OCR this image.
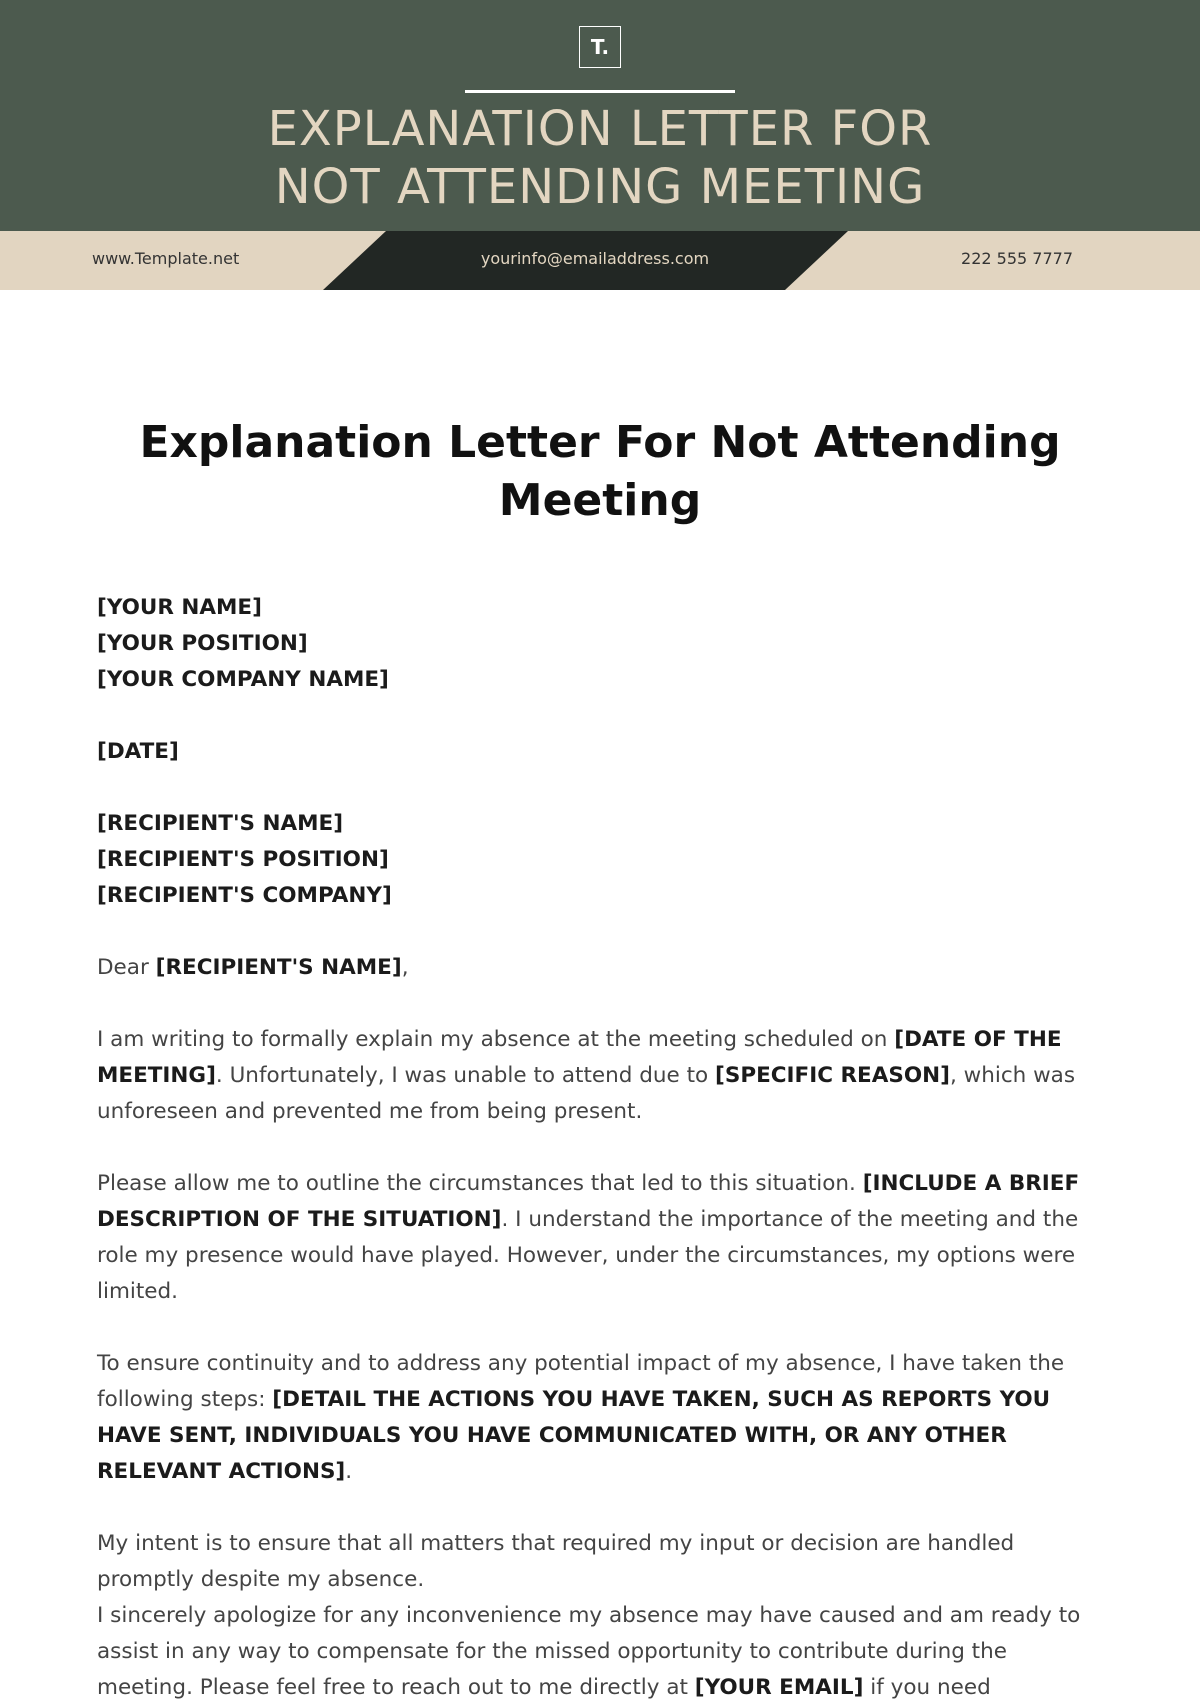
T.
EXPLANATION LETTER FOR
NOT ATTENDING MEETING
www.Template.net	yourinfo@emailaddress.com	222 555 7777
Explanation Letter For Not Attending
Meeting
[YOUR NAME]
[YOUR POSITION]
[YOUR COMPANY NAME]
[DATE]
[RECIPIENT'S NAME]
[RECIPIENT'S POSITION]
[RECIPIENT'S COMPANY]
Dear [RECIPIENT'S NAME],
I am writing to formally explain my absence at the meeting scheduled on [DATE OF THE MEETING]. Unfortunately, I was unable to attend due to [SPECIFIC REASON], which was unforeseen and prevented me from being present.
Please allow me to outline the circumstances that led to this situation. [INCLUDE A BRIEF DESCRIPTION OF THE SITUATION]. I understand the importance of the meeting and the role my presence would have played. However, under the circumstances, my options were limited.
To ensure continuity and to address any potential impact of my absence, I have taken the following steps: [DETAIL THE ACTIONS YOU HAVE TAKEN, SUCH AS REPORTS YOU HAVE SENT, INDIVIDUALS YOU HAVE COMMUNICATED WITH, OR ANY OTHER RELEVANT ACTIONS].
My intent is to ensure that all matters that required my input or decision are handled promptly despite my absence.
I sincerely apologize for any inconvenience my absence may have caused and am ready to assist in any way to compensate for the missed opportunity to contribute during the meeting. Please feel free to reach out to me directly at [YOUR EMAIL] if you need
